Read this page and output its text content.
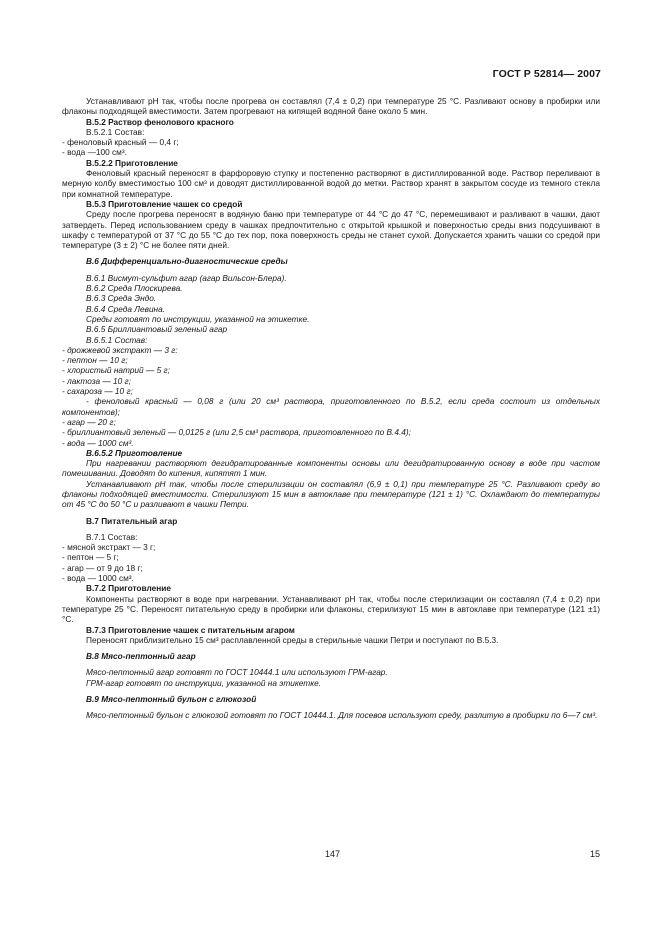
ГОСТ Р 52814— 2007

Устанавливают рН так, чтобы после прогрева он составлял (7,4 ± 0,2) при температуре 25 °С. Разливают основу в пробирки или флаконы подходящей вместимости. Затем прогревают на кипящей водяной бане около 5 мин.

В.5.2 Раствор фенолового красного

В.5.2.1 Состав:

- феноловый красный — 0,4 г;

- вода —100 см³.

В.5.2.2 Приготовление

Феноловый красный переносят в фарфоровую ступку и постепенно растворяют в дистиллированной воде. Раствор переливают в мерную колбу вместимостью 100 см³ и доводят дистиллированной водой до метки. Раствор хранят в закрытом сосуде из темного стекла при комнатной температуре.

В.5.3 Приготовление чашек со средой

Среду после прогрева переносят в водяную баню при температуре от 44 °С до 47 °С, перемешивают и разливают в чашки, дают затвердеть. Перед использованием среду в чашках предпочтительно с открытой крышкой и поверхностью среды вниз подсушивают в шкафу с температурой от 37 °С до 55 °С до тех пор, пока поверхность среды не станет сухой. Допускается хранить чашки со средой при температуре (3 ± 2) °С не более пяти дней.

В.6 Дифференциально-диагностические среды

В.6.1 Висмут-сульфит агар (агар Вильсон-Блера).

В.6.2 Среда Плоскирева.

В.6.3 Среда Эндо.

В.6.4 Среда Левина.

Среды готовят по инструкции, указанной на этикетке.

В.6.5 Бриллиантовый зеленый агар

В.6.5.1 Состав:

- дрожжевой экстракт — 3 г:

- пептон — 10 г;

- хлористый натрий — 5 г;

- лактоза — 10 г;

- сахароза — 10 г;

- феноловый красный — 0,08 г (или 20 см³ раствора, приготовленного по В.5.2, если среда состоит из отдельных компонентов);

- агар — 20 г;

- бриллиантовый зеленый — 0,0125 г (или 2,5 см³ раствора, приготовленного по В.4.4);

- вода — 1000 см³.

В.6.5.2 Приготовление

При нагревании растворяют дегидратированные компоненты основы или дегидратированную основу в воде при частом помешивании. Доводят до кипения, кипятят 1 мин.

Устанавливают рН так, чтобы после стерилизации он составлял (6,9 ± 0,1) при температуре 25 °С. Разливают среду во флаконы подходящей вместимости. Стерилизуют 15 мин в автоклаве при температуре (121 ± 1) °С. Охлаждают до температуры от 45 °С до 50 °С и разливают в чашки Петри.

В.7 Питательный агар

В.7.1 Состав:

- мясной экстракт — 3 г;

- пептон — 5 г;

- агар — от 9 до 18 г;

- вода — 1000 см³.

В.7.2 Приготовление

Компоненты растворяют в воде при нагревании. Устанавливают рН так, чтобы после стерилизации он составлял (7,4 ± 0,2) при температуре 25 °С. Переносят питательную среду в пробирки или флаконы, стерилизуют 15 мин в автоклаве при температуре (121 ±1) °С.

В.7.3 Приготовление чашек с питательным агаром

Переносят приблизительно 15 см³ расплавленной среды в стерильные чашки Петри и поступают по В.5.3.

В.8 Мясо-пептонный агар

Мясо-пептонный агар готовят по ГОСТ 10444.1 или используют ГРМ-агар.

ГРМ-агар готовят по инструкции, указанной на этикетке.

В.9 Мясо-пептонный бульон с глюкозой

Мясо-пептонный бульон с глюкозой готовят по ГОСТ 10444.1. Для посевов используют среду, разлитую в пробирки по 6—7 см³.

147	15
